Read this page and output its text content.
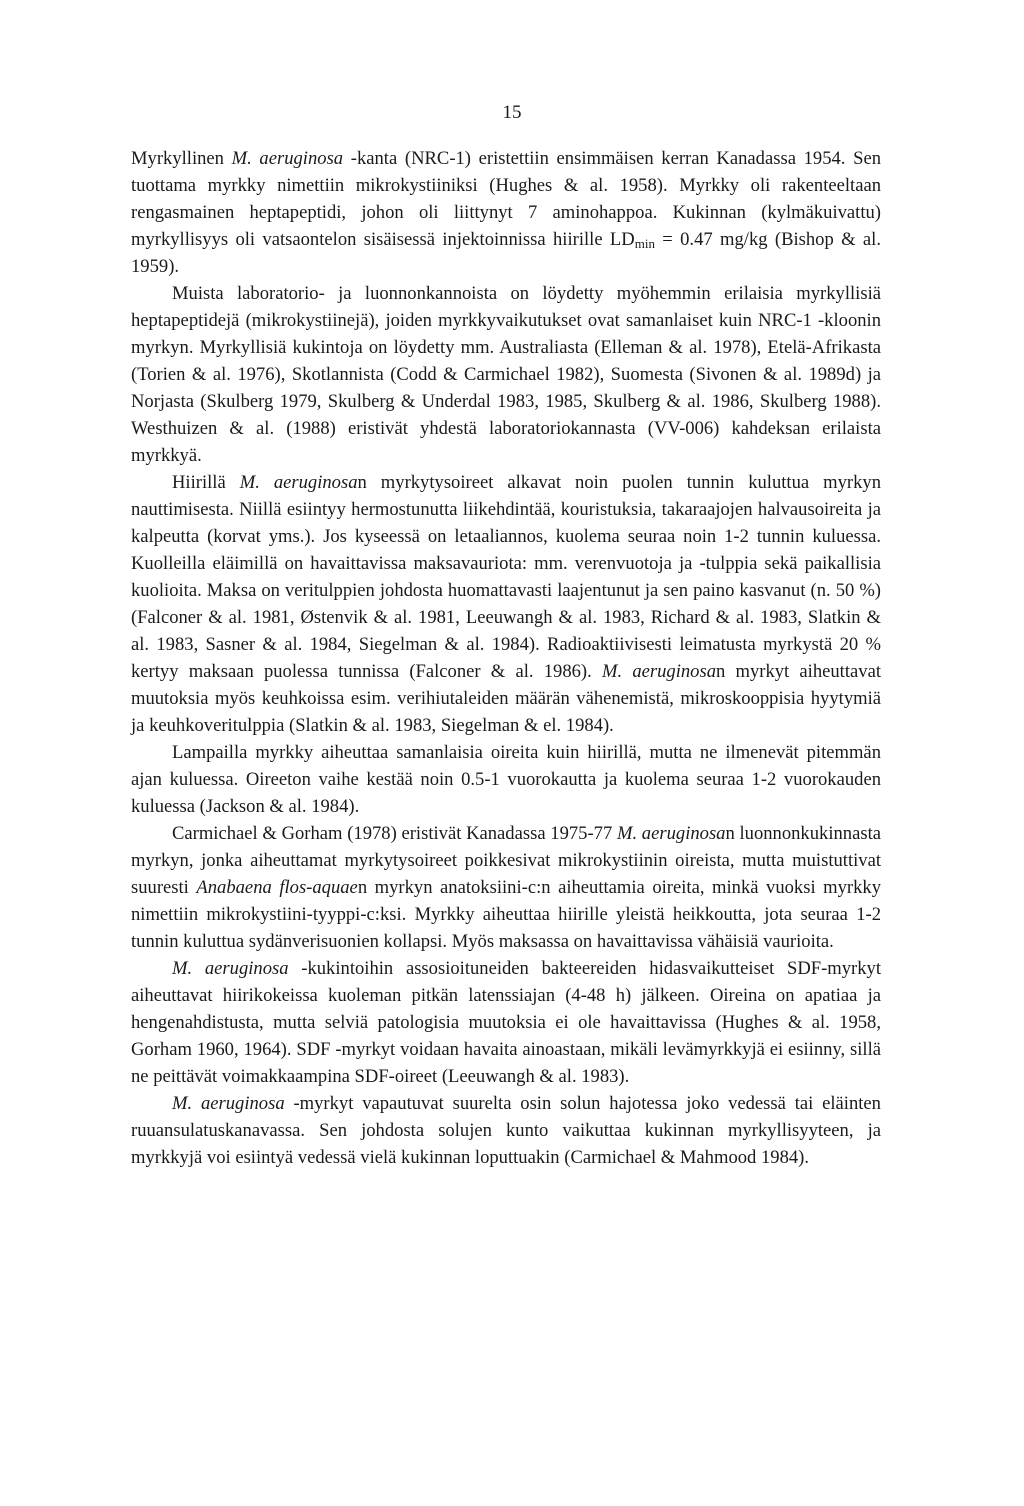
15

Myrkyllinen M. aeruginosa -kanta (NRC-1) eristettiin ensimmäisen kerran Kanadassa 1954. Sen tuottama myrkky nimettiin mikrokystiiniksi (Hughes & al. 1958). Myrkky oli rakenteeltaan rengasmainen heptapeptidi, johon oli liittynyt 7 aminohappoa. Kukinnan (kylmäkuivattu) myrkyllisyys oli vatsaontelon sisäisessä injektoinnissa hiirille $LD_{min} = 0.47$ mg/kg (Bishop & al. 1959).

Muista laboratorio- ja luonnonkannoista on löydetty myöhemmin erilaisia myrkyllisiä heptapeptidejä (mikrokystiinejä), joiden myrkkyvaikutukset ovat samanlaiset kuin NRC-1 -kloonin myrkyn. Myrkyllisiä kukintoja on löydetty mm. Australiasta (Elleman & al. 1978), Etelä-Afrikasta (Torien & al. 1976), Skotlannista (Codd & Carmichael 1982), Suomesta (Sivonen & al. 1989d) ja Norjasta (Skulberg 1979, Skulberg & Underdal 1983, 1985, Skulberg & al. 1986, Skulberg 1988). Westhuizen & al. (1988) eristivät yhdestä laboratoriokannasta (VV-006) kahdeksan erilaista myrkkyä.

Hiirillä M. aeruginosan myrkytysoireet alkavat noin puolen tunnin kuluttua myrkyn nauttimisesta. Niillä esiintyy hermostunutta liikehdintää, kouristuksia, takaraajojen halvausoireita ja kalpeutta (korvat yms.). Jos kyseessä on letaaliannos, kuolema seuraa noin 1-2 tunnin kuluessa. Kuolleilla eläimillä on havaittavissa maksavauriota: mm. verenvuotoja ja -tulppia sekä paikallisia kuolioita. Maksa on veritulppien johdosta huomattavasti laajentunut ja sen paino kasvanut (n. 50 %) (Falconer & al. 1981, Østenvik & al. 1981, Leeuwangh & al. 1983, Richard & al. 1983, Slatkin & al. 1983, Sasner & al. 1984, Siegelman & al. 1984). Radioaktiivisesti leimatusta myrkystä 20 % kertyy maksaan puolessa tunnissa (Falconer & al. 1986). M. aeruginosan myrkyt aiheuttavat muutoksia myös keuhkoissa esim. verihiutaleiden määrän vähenemistä, mikroskooppisia hyytymiä ja keuhkoveritulppia (Slatkin & al. 1983, Siegelman & el. 1984).

Lampailla myrkky aiheuttaa samanlaisia oireita kuin hiirillä, mutta ne ilmenevät pitemmän ajan kuluessa. Oireeton vaihe kestää noin 0.5-1 vuorokautta ja kuolema seuraa 1-2 vuorokauden kuluessa (Jackson & al. 1984).

Carmichael & Gorham (1978) eristivät Kanadassa 1975-77 M. aeruginosan luonnonkukinnasta myrkyn, jonka aiheuttamat myrkytysoireet poikkesivat mikrokystiinin oireista, mutta muistuttivat suuresti Anabaena flos-aquaen myrkyn anatoksiini-c:n aiheuttamia oireita, minkä vuoksi myrkky nimettiin mikrokystiini-tyyppi-c:ksi. Myrkky aiheuttaa hiirille yleistä heikkoutta, jota seuraa 1-2 tunnin kuluttua sydänverisuonien kollapsi. Myös maksassa on havaittavissa vähäisiä vaurioita.

M. aeruginosa -kukintoihin assosioituneiden bakteereiden hidasvaikutteiset SDF-myrkyt aiheuttavat hiirikokeissa kuoleman pitkän latenssiajan (4-48 h) jälkeen. Oireina on apatiaa ja hengenahdistusta, mutta selviä patologisia muutoksia ei ole havaittavissa (Hughes & al. 1958, Gorham 1960, 1964). SDF -myrkyt voidaan havaita ainoastaan, mikäli levämyrkkyjä ei esiinny, sillä ne peittävät voimakkaampina SDF-oireet (Leeuwangh & al. 1983).

M. aeruginosa -myrkyt vapautuvat suurelta osin solun hajotessa joko vedessä tai eläinten ruuansulatuskanavassa. Sen johdosta solujen kunto vaikuttaa kukinnan myrkyllisyyteen, ja myrkkyjä voi esiintyä vedessä vielä kukinnan loputtuakin (Carmichael & Mahmood 1984).
